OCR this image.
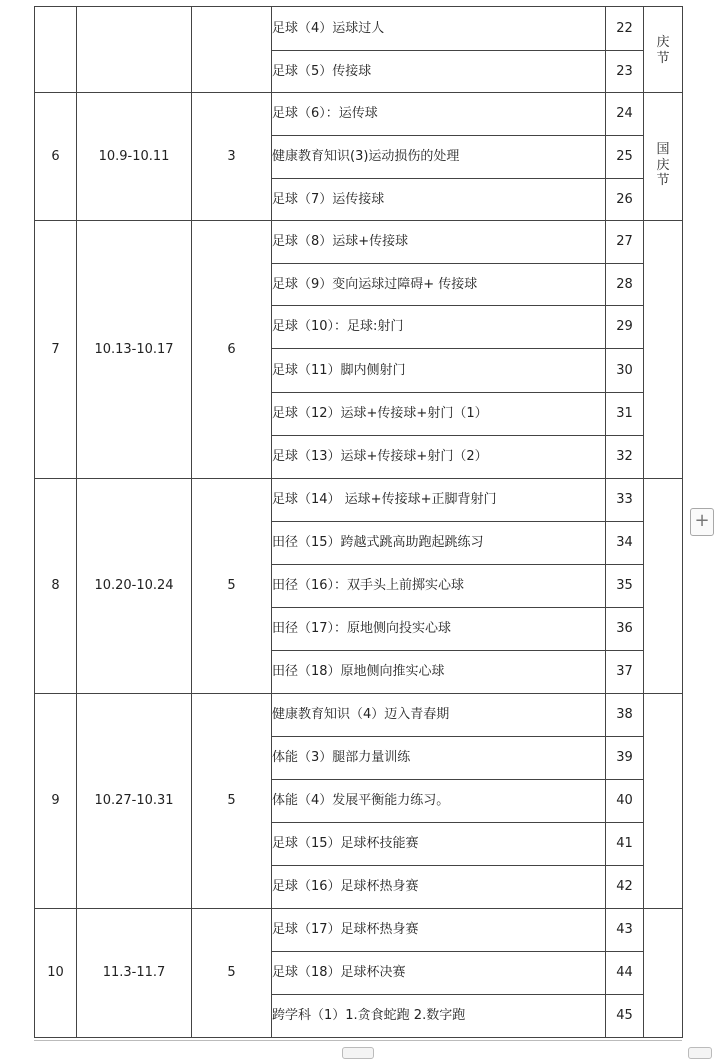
			足球（4）运球过人	22	庆
节

			足球（5）传接球	23	
6	10.9-10.11	3	足球（6）：运传球	24	国
庆
节

			健康教育知识(3)运动损伤的处理	25	
			足球（7）运传接球	26	
7	10.13-10.17	6	足球（8）运球+传接球	27	
			足球（9）变向运球过障碍+ 传接球	28	
			足球（10）：足球:射门	29	
			足球（11）脚内侧射门	30	
			足球（12）运球+传接球+射门（1）	31	
			足球（13）运球+传接球+射门（2）	32	
8	10.20-10.24	5	足球（14） 运球+传接球+正脚背射门	33	
			田径（15）跨越式跳高助跑起跳练习	34	
			田径（16）：双手头上前掷实心球	35	
			田径（17）：原地侧向投实心球	36	
			田径（18）原地侧向推实心球	37	
9	10.27-10.31	5	健康教育知识（4）迈入青春期	38	
			体能（3）腿部力量训练	39	
			体能（4）发展平衡能力练习。	40	
			足球（15）足球杯技能赛	41	
			足球（16）足球杯热身赛	42	
10	11.3-11.7	5	足球（17）足球杯热身赛	43	
			足球（18）足球杯决赛	44	
			跨学科（1）1.贪食蛇跑 2.数字跑	45	
+
